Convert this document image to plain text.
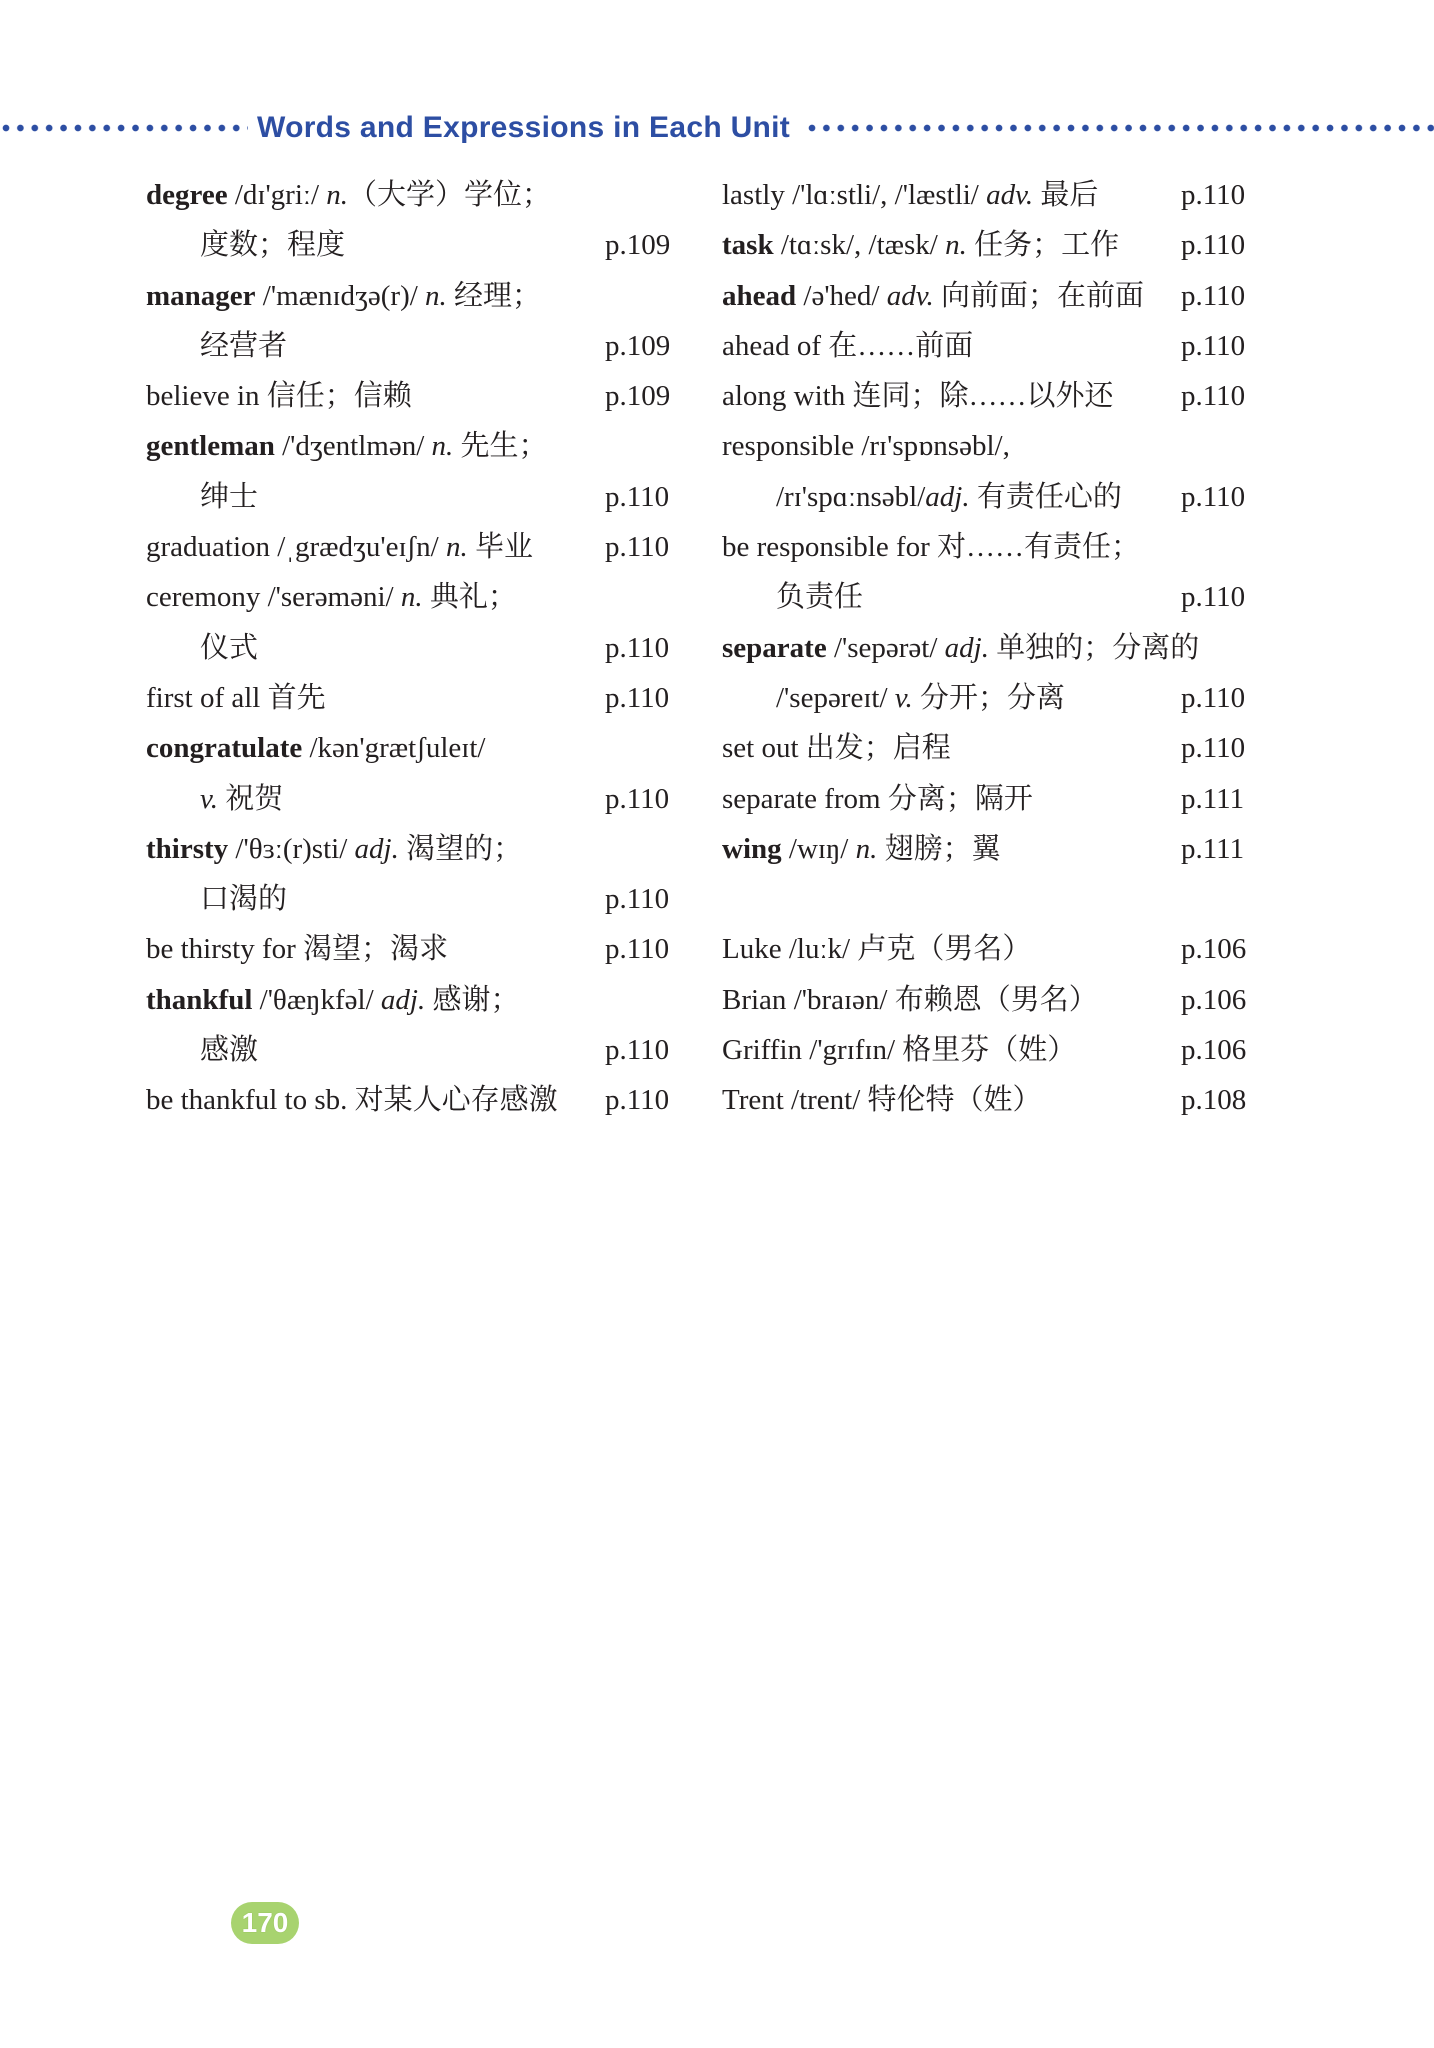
Words and Expressions in Each Unit
degree /dɪ'griː/ n.（大学）学位；
度数；程度	p.109
manager /'mænɪdʒə(r)/ n. 经理；
经营者	p.109
believe in 信任；信赖	p.109
gentleman /'dʒentlmən/ n. 先生；
绅士	p.110
graduation /ˌgrædʒu'eɪʃn/ n. 毕业 p.110
ceremony /'serəməni/ n. 典礼；
仪式	p.110
first of all 首先	p.110
congratulate /kən'grætʃuleɪt/
v. 祝贺	p.110
thirsty /'θɜː(r)sti/ adj. 渴望的；
口渴的	p.110
be thirsty for 渴望；渴求	p.110
thankful /'θæŋkfəl/ adj. 感谢；
感激	p.110
be thankful to sb. 对某人心存感激 p.110
lastly /'lɑːstli/, /'læstli/ adv. 最后	p.110
task /tɑːsk/, /tæsk/ n. 任务；工作 p.110
ahead /ə'hed/ adv. 向前面；在前面 p.110
ahead of 在……前面	p.110
along with 连同；除……以外还 p.110
responsible /rɪ'spɒnsəbl/,
/rɪ'spɑːnsəbl/adj. 有责任心的 p.110
be responsible for 对……有责任；
负责任	p.110
separate /'sepərət/ adj. 单独的；分离的
/'sepəreɪt/ v. 分开；分离	p.110
set out 出发；启程	p.110
separate from 分离；隔开	p.111
wing /wɪŋ/ n. 翅膀；翼	p.111
Luke /luːk/ 卢克（男名）	p.106
Brian /'braɪən/ 布赖恩（男名）	p.106
Griffin /'grɪfɪn/ 格里芬（姓）	p.106
Trent /trent/ 特伦特（姓）	p.108
170
